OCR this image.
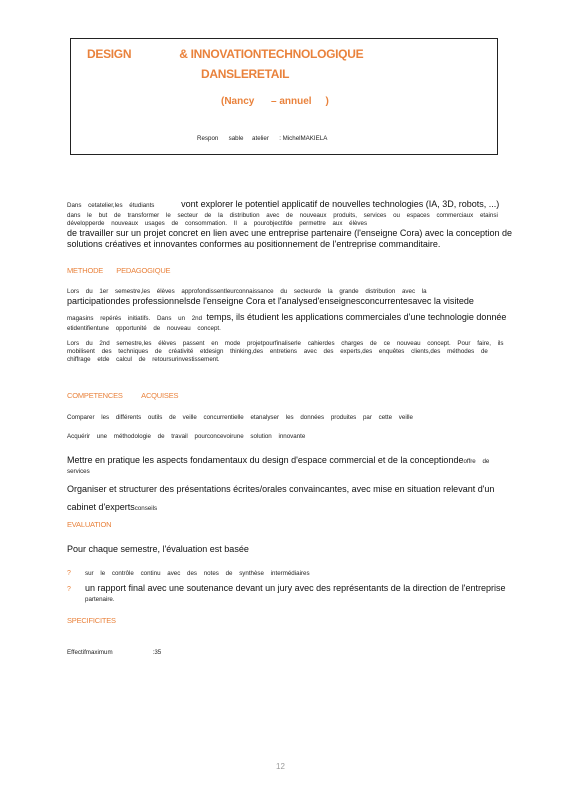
DESIGN	& INNOVATIONTECHNOLOGIQUE
DANSLERETAIL
(Nancy      – annuel     )
Respon      sable     atelier      : MichelMAKIELA
Dans cetatelier,les étudiants	vont explorer le potentiel applicatif de nouvelles technologies (IA, 3D, robots, ...)
dans le but de transformer le secteur de la distribution avec de nouveaux produits, services ou espaces commerciaux etainsi développerde nouveaux usages de consommation. Il a pourobjectifde permettre aux élèves
de travailler sur un projet concret en lien avec une entreprise partenaire (l'enseigne Cora) avec la conception de solutions créatives et innovantes conformes au positionnement de l'entreprise commanditaire.
METHODE       PEDAGOGIQUE
Lors du 1er semestre,les élèves approfondissentleurconnaissance du secteurde la grande distribution avec la
participationdes professionnelsde l'enseigne Cora et l'analysed'enseignesconcurrentesavec la visitede
magasins repérés initiatifs. Dans un 2nd temps, ils étudient les applications commerciales d'une technologie donnée
etidentifientune opportunité de nouveau concept.
Lors du 2nd semestre,les élèves passent en mode projetpourfinaliserle cahierdes charges de ce nouveau concept. Pour faire, ils mobilisent des techniques de créativité etdesign thinking,des entretiens avec des experts,des enquêtes clients,des méthodes de chiffrage etde calcul de retoursurinvestissement.
COMPETENCES          ACQUISES
Comparer les différents outils de veille concurrentielle etanalyser les données produites par cette veille
Acquérir une méthodologie de travail pourconcevoirune solution innovante
Mettre en pratique les aspects fondamentaux du design d'espace commercial et de la conceptiondeoffre de
services
Organiser et structurer des présentations écrites/orales convaincantes, avec mise en situation relevant d'un cabinet d'expertsconseils
EVALUATION
Pour chaque semestre, l'évaluation est basée
? sur le contrôle continu avec des notes de synthèse intermédiaires
? un rapport final avec une soutenance devant un jury avec des représentants de la direction de l'entreprise
partenaire.
SPECIFICITES
Effectifmaximum	:35
12
